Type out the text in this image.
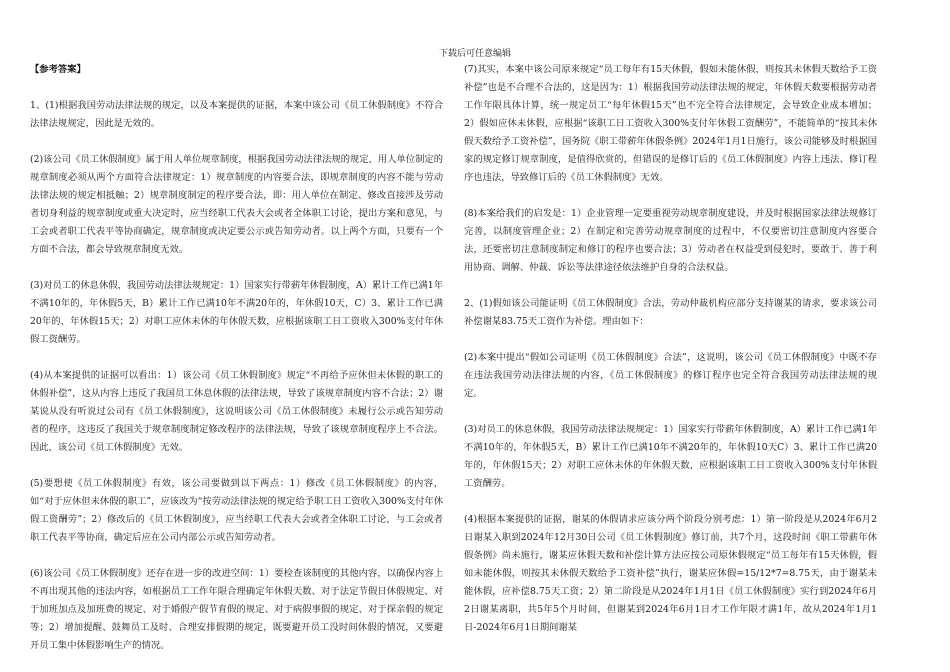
下载后可任意编辑
【参考答案】

1、(1)根据我国劳动法律法规的规定，以及本案提供的证据，本案中该公司《员工休假制度》不符合法律法规规定，因此是无效的。

(2)该公司《员工休假制度》属于用人单位规章制度，根据我国劳动法律法规的规定，用人单位制定的规章制度必须从两个方面符合法律规定：1）规章制度的内容要合法，即规章制度的内容不能与劳动法律法规的规定相抵触；2）规章制度制定的程序要合法，即：用人单位在制定、修改直接涉及劳动者切身利益的规章制度或重大决定时，应当经职工代表大会或者全体职工讨论，提出方案和意见，与工会或者职工代表平等协商确定，规章制度或决定要公示或告知劳动者。以上两个方面，只要有一个方面不合法，都会导致规章制度无效。

(3)对员工的休息休假，我国劳动法律法规规定：1）国家实行带薪年休假制度，A）累计工作已满1年不满10年的，年休假5天，B）累计工作已满10年不满20年的，年休假10天，C）3、累计工作已满20年的，年休假15天；2）对职工应休未休的年休假天数，应根据该职工日工资收入300%支付年休假工资酬劳。

(4)从本案提供的证据可以看出：1）该公司《员工休假制度》规定“不再给予应休但未休假的职工的休假补偿”，这从内容上违反了我国员工休息休假的法律法规，导致了该规章制度内容不合法；2）谢某说从没有听说过公司有《员工休假制度》，这说明该公司《员工休假制度》未履行公示或告知劳动者的程序，这违反了我国关于规章制度制定修改程序的法律法规，导致了该规章制度程序上不合法。因此，该公司《员工休假制度》无效。

(5)要想使《员工休假制度》有效，该公司要做到以下两点：1）修改《员工休假制度》的内容，如“对于应休但未休假的职工”，应该改为“按劳动法律法规的规定给予职工日工资收入300%支付年休假工资酬劳”；2）修改后的《员工休假制度》，应当经职工代表大会或者全体职工讨论，与工会或者职工代表平等协商，确定后应在公司内部公示或告知劳动者。

(6)该公司《员工休假制度》还存在进一步的改进空间：1）要检查该制度的其他内容，以确保内容上不再出现其他的违法内容，如根据员工工作年限合理确定年休假天数、对于法定节假日休假规定、对于加班加点及加班费的规定、对于婚假产假节育假的规定、对于病假事假的规定、对于探亲假的规定等；2）增加提醒、鼓舞员工及时、合理安排假期的规定，既要避开员工没时间休假的情况，又要避开员工集中休假影响生产的情况。

(7)其实，本案中该公司原来规定“员工每年有15天休假，假如未能休假，则按其未休假天数给予工资补偿”也是不合理不合法的，这是因为：1）根据我国劳动法律法规的规定，年休假天数要根据劳动者工作年限具体计算，统一规定员工“每年休假15天”也不完全符合法律规定，会导致企业成本增加；2）假如应休未休假，应根据“该职工日工资收入300%支付年休假工资酬劳”，不能简单的“按其未休假天数给予工资补偿”，国务院《职工带薪年休假条例》2024年1月1日施行，该公司能够及时根据国家的规定修订规章制度，是值得欣赏的，但错误的是修订后的《员工休假制度》内容上违法、修订程序也违法，导致修订后的《员工休假制度》无效。

(8)本案给我们的启发是：1）企业管理一定要重视劳动规章制度建设，并及时根据国家法律法规修订完善，以制度管理企业；2）在制定和完善劳动规章制度的过程中，不仅要密切注意制度内容要合法，还要密切注意制度制定和修订的程序也要合法；3）劳动者在权益受到侵犯时，要敢于、善于利用协商、调解、仲裁、诉讼等法律途径依法维护自身的合法权益。

2、(1)假如该公司能证明《员工休假制度》合法，劳动仲裁机构应部分支持谢某的请求，要求该公司补偿谢某83.75天工资作为补偿。理由如下：

(2)本案中提出“假如公司证明《员工休假制度》合法”，这说明，该公司《员工休假制度》中既不存在违法我国劳动法律法规的内容，《员工休假制度》的修订程序也完全符合我国劳动法律法规的规定。

(3)对员工的休息休假，我国劳动法律法规规定：1）国家实行带薪年休假制度，A）累计工作已满1年不满10年的，年休假5天，B）累计工作已满10年不满20年的，年休假10天C）3、累计工作已满20年的，年休假15天；2）对职工应休未休的年休假天数，应根据该职工日工资收入300%支付年休假工资酬劳。

(4)根据本案提供的证据，谢某的休假请求应该分两个阶段分别考虑：1）第一阶段是从2024年6月2日谢某入职到2024年12月30日公司《员工休假制度》修订前，共7个月，这段时间《职工带薪年休假条例》尚未施行，谢某应休假天数和补偿计算方法应按公司原休假规定“员工每年有15天休假，假如未能休假，则按其未休假天数给予工资补偿”执行，谢某应休假=15/12*7=8.75天，由于谢某未能休假，应补偿8.75天工资；2）第二阶段是从2024年1月1日《员工休假制度》实行到2024年6月2日谢某离职，共5年5个月时间，但谢某到2024年6月1日才工作年限才满1年，故从2024年1月1日-2024年6月1日期间谢某
